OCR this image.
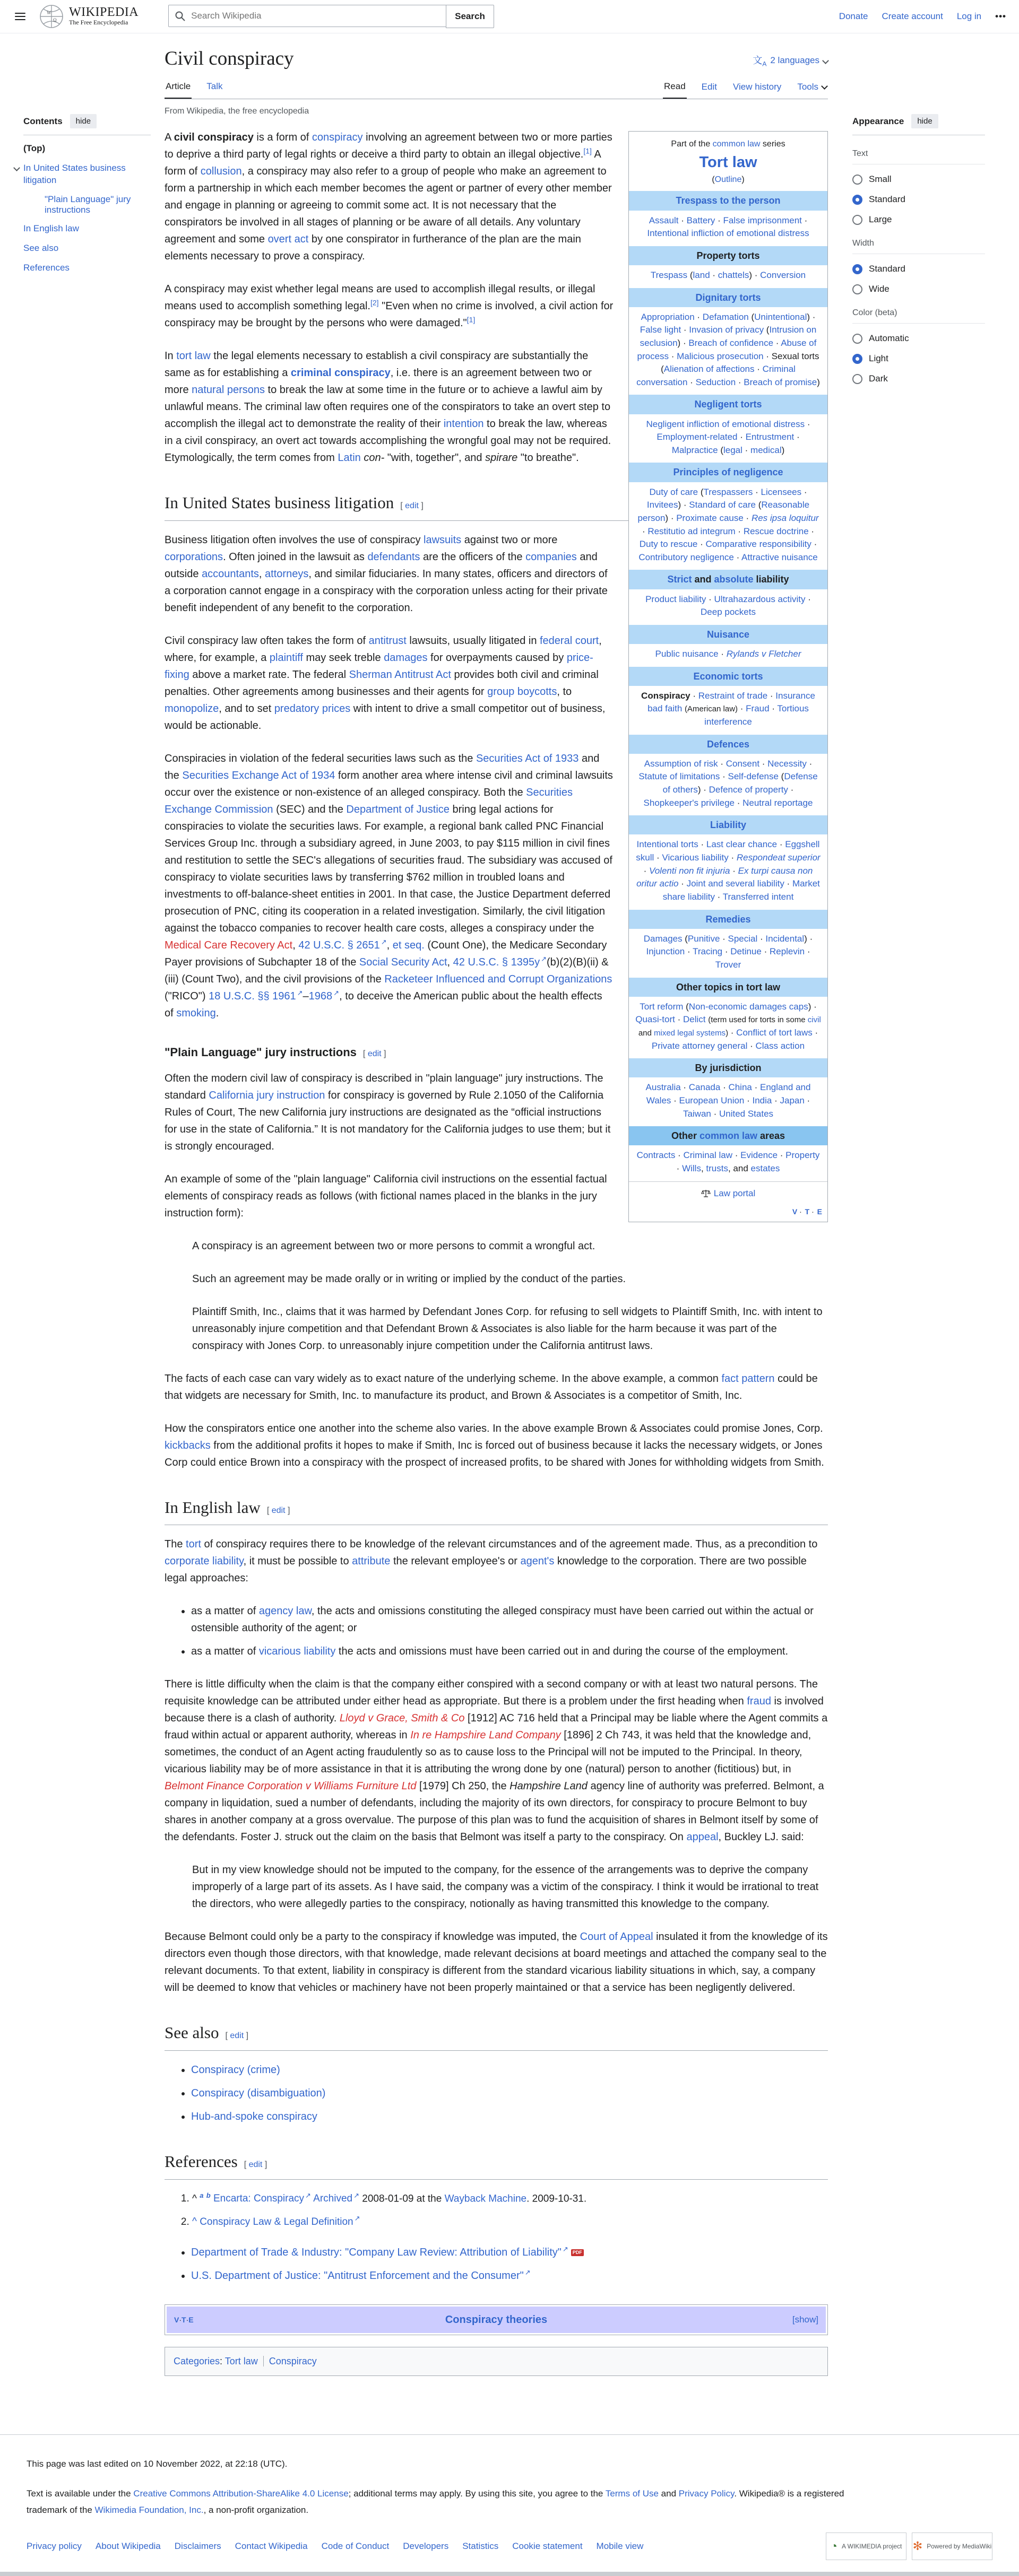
W
Ω
WIKIPEDIA
The Free Encyclopedia
Search Wikipedia
Search	Donate Create account Log in •••
Contents	hide
(Top)
In United States business litigation
"Plain Language" jury instructions
In English law
See also
References
Civil conspiracy	文$_A$ 2 languages
Article Talk	Read Edit View history Tools
From Wikipedia, the free encyclopedia
Part of the common law series
Tort law
(Outline)
Trespass to the person
Assault · Battery · False imprisonment · Intentional infliction of emotional distress
Property torts
Trespass (land · chattels) · Conversion
Dignitary torts
Appropriation · Defamation (Unintentional) · False light · Invasion of privacy (Intrusion on seclusion) · Breach of confidence · Abuse of process · Malicious prosecution · Sexual torts (Alienation of affections · Criminal conversation · Seduction · Breach of promise)
Negligent torts
Negligent infliction of emotional distress · Employment-related · Entrustment · Malpractice (legal · medical)
Principles of negligence
Duty of care (Trespassers · Licensees · Invitees) · Standard of care (Reasonable person) · Proximate cause · Res ipsa loquitur · Restitutio ad integrum · Rescue doctrine · Duty to rescue · Comparative responsibility · Contributory negligence · Attractive nuisance
Strict and absolute liability
Product liability · Ultrahazardous activity · Deep pockets
Nuisance
Public nuisance · Rylands v Fletcher
Economic torts
Conspiracy · Restraint of trade · Insurance bad faith (American law) · Fraud · Tortious interference
Defences
Assumption of risk · Consent · Necessity · Statute of limitations · Self-defense (Defense of others) · Defence of property · Shopkeeper's privilege · Neutral reportage
Liability
Intentional torts · Last clear chance · Eggshell skull · Vicarious liability · Respondeat superior · Volenti non fit injuria · Ex turpi causa non oritur actio · Joint and several liability · Market share liability · Transferred intent
Remedies
Damages (Punitive · Special · Incidental) · Injunction · Tracing · Detinue · Replevin · Trover
Other topics in tort law
Tort reform (Non-economic damages caps) · Quasi-tort · Delict (term used for torts in some civil and mixed legal systems) · Conflict of tort laws · Private attorney general · Class action
By jurisdiction
Australia · Canada · China · England and Wales · European Union · India · Japan · Taiwan · United States
Other common law areas
Contracts · Criminal law · Evidence · Property · Wills, trusts, and estates
Law portal
V · T · E

A civil conspiracy is a form of conspiracy involving an agreement between two or more parties to deprive a third party of legal rights or deceive a third party to obtain an illegal objective.[1] A form of collusion, a conspiracy may also refer to a group of people who make an agreement to form a partnership in which each member becomes the agent or partner of every other member and engage in planning or agreeing to commit some act. It is not necessary that the conspirators be involved in all stages of planning or be aware of all details. Any voluntary agreement and some overt act by one conspirator in furtherance of the plan are the main elements necessary to prove a conspiracy.

A conspiracy may exist whether legal means are used to accomplish illegal results, or illegal means used to accomplish something legal.[2] "Even when no crime is involved, a civil action for conspiracy may be brought by the persons who were damaged."[1]

In tort law the legal elements necessary to establish a civil conspiracy are substantially the same as for establishing a criminal conspiracy, i.e. there is an agreement between two or more natural persons to break the law at some time in the future or to achieve a lawful aim by unlawful means. The criminal law often requires one of the conspirators to take an overt step to accomplish the illegal act to demonstrate the reality of their intention to break the law, whereas in a civil conspiracy, an overt act towards accomplishing the wrongful goal may not be required. Etymologically, the term comes from Latin con- "with, together", and spirare "to breathe".

In United States business litigation [ edit ]

Business litigation often involves the use of conspiracy lawsuits against two or more corporations. Often joined in the lawsuit as defendants are the officers of the companies and outside accountants, attorneys, and similar fiduciaries. In many states, officers and directors of a corporation cannot engage in a conspiracy with the corporation unless acting for their private benefit independent of any benefit to the corporation.

Civil conspiracy law often takes the form of antitrust lawsuits, usually litigated in federal court, where, for example, a plaintiff may seek treble damages for overpayments caused by price-fixing above a market rate. The federal Sherman Antitrust Act provides both civil and criminal penalties. Other agreements among businesses and their agents for group boycotts, to monopolize, and to set predatory prices with intent to drive a small competitor out of business, would be actionable.

Conspiracies in violation of the federal securities laws such as the Securities Act of 1933 and the Securities Exchange Act of 1934 form another area where intense civil and criminal lawsuits occur over the existence or non-existence of an alleged conspiracy. Both the Securities Exchange Commission (SEC) and the Department of Justice bring legal actions for conspiracies to violate the securities laws. For example, a regional bank called PNC Financial Services Group Inc. through a subsidiary agreed, in June 2003, to pay $115 million in civil fines and restitution to settle the SEC's allegations of securities fraud. The subsidiary was accused of conspiracy to violate securities laws by transferring $762 million in troubled loans and investments to off-balance-sheet entities in 2001. In that case, the Justice Department deferred prosecution of PNC, citing its cooperation in a related investigation. Similarly, the civil litigation against the tobacco companies to recover health care costs, alleges a conspiracy under the Medical Care Recovery Act, 42 U.S.C. § 2651 ↗, et seq. (Count One), the Medicare Secondary Payer provisions of Subchapter 18 of the Social Security Act, 42 U.S.C. § 1395y ↗(b)(2)(B)(ii) & (iii) (Count Two), and the civil provisions of the Racketeer Influenced and Corrupt Organizations ("RICO") 18 U.S.C. §§ 1961 ↗–1968 ↗, to deceive the American public about the health effects of smoking.

"Plain Language" jury instructions [ edit ]

Often the modern civil law of conspiracy is described in "plain language" jury instructions. The standard California jury instruction for conspiracy is governed by Rule 2.1050 of the California Rules of Court, The new California jury instructions are designated as the “official instructions for use in the state of California.” It is not mandatory for the California judges to use them; but it is strongly encouraged.

An example of some of the "plain language" California civil instructions on the essential factual elements of conspiracy reads as follows (with fictional names placed in the blanks in the jury instruction form):

A conspiracy is an agreement between two or more persons to commit a wrongful act.

Such an agreement may be made orally or in writing or implied by the conduct of the parties.

Plaintiff Smith, Inc., claims that it was harmed by Defendant Jones Corp. for refusing to sell widgets to Plaintiff Smith, Inc. with intent to unreasonably injure competition and that Defendant Brown & Associates is also liable for the harm because it was part of the conspiracy with Jones Corp. to unreasonably injure competition under the California antitrust laws.

The facts of each case can vary widely as to exact nature of the underlying scheme. In the above example, a common fact pattern could be that widgets are necessary for Smith, Inc. to manufacture its product, and Brown & Associates is a competitor of Smith, Inc.

How the conspirators entice one another into the scheme also varies. In the above example Brown & Associates could promise Jones, Corp. kickbacks from the additional profits it hopes to make if Smith, Inc is forced out of business because it lacks the necessary widgets, or Jones Corp could entice Brown into a conspiracy with the prospect of increased profits, to be shared with Jones for withholding widgets from Smith.

In English law [ edit ]

The tort of conspiracy requires there to be knowledge of the relevant circumstances and of the agreement made. Thus, as a precondition to corporate liability, it must be possible to attribute the relevant employee's or agent's knowledge to the corporation. There are two possible legal approaches:

• as a matter of agency law, the acts and omissions constituting the alleged conspiracy must have been carried out within the actual or ostensible authority of the agent; or
• as a matter of vicarious liability the acts and omissions must have been carried out in and during the course of the employment.

There is little difficulty when the claim is that the company either conspired with a second company or with at least two natural persons. The requisite knowledge can be attributed under either head as appropriate. But there is a problem under the first heading when fraud is involved because there is a clash of authority. Lloyd v Grace, Smith & Co [1912] AC 716 held that a Principal may be liable where the Agent commits a fraud within actual or apparent authority, whereas in In re Hampshire Land Company [1896] 2 Ch 743, it was held that the knowledge and, sometimes, the conduct of an Agent acting fraudulently so as to cause loss to the Principal will not be imputed to the Principal. In theory, vicarious liability may be of more assistance in that it is attributing the wrong done by one (natural) person to another (fictitious) but, in Belmont Finance Corporation v Williams Furniture Ltd [1979] Ch 250, the Hampshire Land agency line of authority was preferred. Belmont, a company in liquidation, sued a number of defendants, including the majority of its own directors, for conspiracy to procure Belmont to buy shares in another company at a gross overvalue. The purpose of this plan was to fund the acquisition of shares in Belmont itself by some of the defendants. Foster J. struck out the claim on the basis that Belmont was itself a party to the conspiracy. On appeal, Buckley LJ. said:

But in my view knowledge should not be imputed to the company, for the essence of the arrangements was to deprive the company improperly of a large part of its assets. As I have said, the company was a victim of the conspiracy. I think it would be irrational to treat the directors, who were allegedly parties to the conspiracy, notionally as having transmitted this knowledge to the company.

Because Belmont could only be a party to the conspiracy if knowledge was imputed, the Court of Appeal insulated it from the knowledge of its directors even though those directors, with that knowledge, made relevant decisions at board meetings and attached the company seal to the relevant documents. To that extent, liability in conspiracy is different from the standard vicarious liability situations in which, say, a company will be deemed to know that vehicles or machinery have not been properly maintained or that a service has been negligently delivered.

See also [ edit ]
• Conspiracy (crime)
• Conspiracy (disambiguation)
• Hub-and-spoke conspiracy
References [ edit ]
1. ^ $^a$ $^b$ Encarta: Conspiracy ↗ Archived ↗ 2008-01-09 at the Wayback Machine. 2009-10-31.
2. ^ Conspiracy Law & Legal Definition ↗
• Department of Trade & Industry: "Company Law Review: Attribution of Liability" ↗ PDF
• U.S. Department of Justice: "Antitrust Enforcement and the Consumer" ↗
V·T·E	Conspiracy theories	[show]
Categories: Tort law Conspiracy
Appearance	hide
Text
Small
Standard
Large
Width
Standard
Wide
Color (beta)
Automatic
Light
Dark

This page was last edited on 10 November 2022, at 22:18 (UTC).

Text is available under the Creative Commons Attribution-ShareAlike 4.0 License; additional terms may apply. By using this site, you agree to the Terms of Use and Privacy Policy. Wikipedia® is a registered trademark of the Wikimedia Foundation, Inc., a non-profit organization.

Privacy policy About Wikipedia Disclaimers Contact Wikipedia Code of Conduct Developers Statistics Cookie statement Mobile view	◔ A WIKIMEDIA project ✻ Powered by MediaWiki
